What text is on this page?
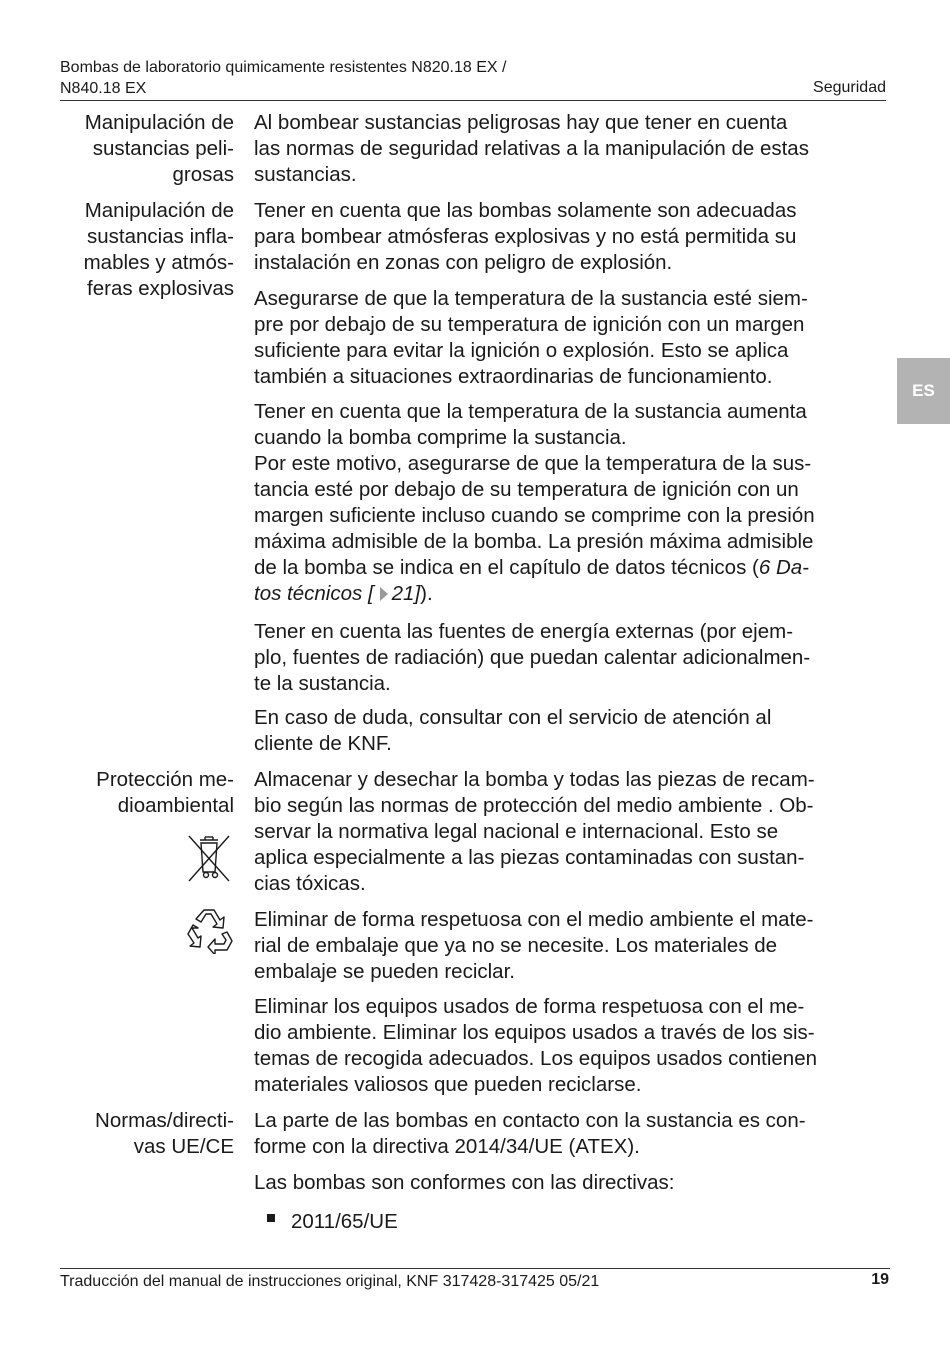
Bombas de laboratorio quimicamente resistentes N820.18 EX /
N840.18 EX	Seguridad
ES
Manipulación de
sustancias peli-
grosas
Manipulación de
sustancias infla-
mables y atmós-
feras explosivas
Protección me-
dioambiental
Normas/directi-
vas UE/CE
Al bombear sustancias peligrosas hay que tener en cuenta
las normas de seguridad relativas a la manipulación de estas
sustancias.
Tener en cuenta que las bombas solamente son adecuadas
para bombear atmósferas explosivas y no está permitida su
instalación en zonas con peligro de explosión.
Asegurarse de que la temperatura de la sustancia esté siem-
pre por debajo de su temperatura de ignición con un margen
suficiente para evitar la ignición o explosión. Esto se aplica
también a situaciones extraordinarias de funcionamiento.
Tener en cuenta que la temperatura de la sustancia aumenta
cuando la bomba comprime la sustancia.
Por este motivo, asegurarse de que la temperatura de la sus-
tancia esté por debajo de su temperatura de ignición con un
margen suficiente incluso cuando se comprime con la presión
máxima admisible de la bomba. La presión máxima admisible
de la bomba se indica en el capítulo de datos técnicos (6 Da-
tos técnicos [ 21]).
Tener en cuenta las fuentes de energía externas (por ejem-
plo, fuentes de radiación) que puedan calentar adicionalmen-
te la sustancia.
En caso de duda, consultar con el servicio de atención al
cliente de KNF.
Almacenar y desechar la bomba y todas las piezas de recam-
bio según las normas de protección del medio ambiente . Ob-
servar la normativa legal nacional e internacional. Esto se
aplica especialmente a las piezas contaminadas con sustan-
cias tóxicas.
Eliminar de forma respetuosa con el medio ambiente el mate-
rial de embalaje que ya no se necesite. Los materiales de
embalaje se pueden reciclar.
Eliminar los equipos usados de forma respetuosa con el me-
dio ambiente. Eliminar los equipos usados a través de los sis-
temas de recogida adecuados. Los equipos usados contienen
materiales valiosos que pueden reciclarse.
La parte de las bombas en contacto con la sustancia es con-
forme con la directiva 2014/34/UE (ATEX).
Las bombas son conformes con las directivas:
2011/65/UE
Traducción del manual de instrucciones original, KNF 317428-317425 05/21	19
